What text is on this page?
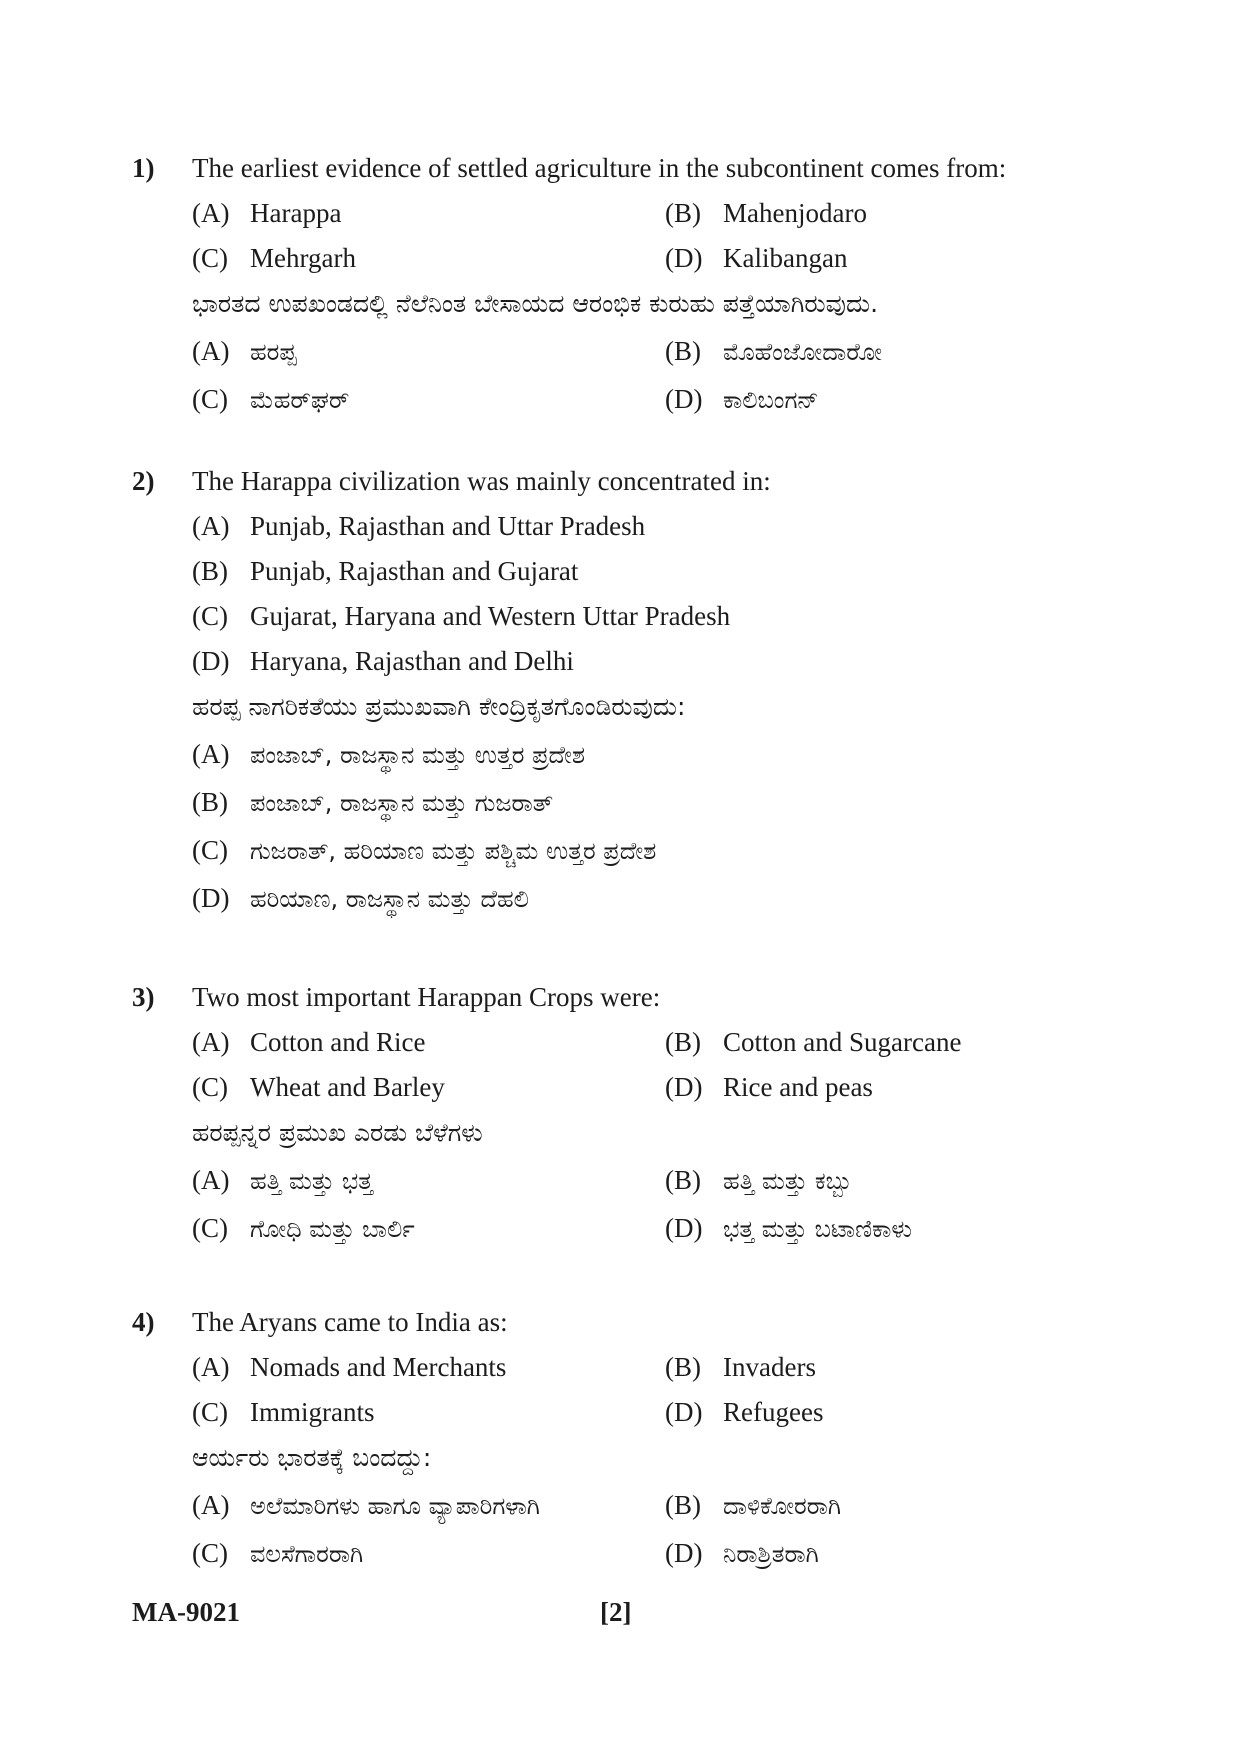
1) The earliest evidence of settled agriculture in the subcontinent comes from:
(A) Harappa	(B) Mahenjodaro
(C) Mehrgarh	(D) Kalibangan
ಭಾರತದ ಉಪಖಂಡದಲ್ಲಿ ನೆಲೆನಿಂತ ಬೇಸಾಯದ ಆರಂಭಿಕ ಕುರುಹು ಪತ್ತೆಯಾಗಿರುವುದು.
(A) ಹರಪ್ಪ	(B) ಮೊಹೆಂಜೋದಾರೋ
(C) ಮೆಹರ್‌ಘರ್	(D) ಕಾಲಿಬಂಗನ್
2) The Harappa civilization was mainly concentrated in:
(A) Punjab, Rajasthan and Uttar Pradesh
(B) Punjab, Rajasthan and Gujarat
(C) Gujarat, Haryana and Western Uttar Pradesh
(D) Haryana, Rajasthan and Delhi
ಹರಪ್ಪ ನಾಗರಿಕತೆಯು ಪ್ರಮುಖವಾಗಿ ಕೇಂದ್ರಿಕೃತಗೊಂಡಿರುವುದು:
(A) ಪಂಜಾಬ್, ರಾಜಸ್ಥಾನ ಮತ್ತು ಉತ್ತರ ಪ್ರದೇಶ
(B) ಪಂಜಾಬ್, ರಾಜಸ್ಥಾನ ಮತ್ತು ಗುಜರಾತ್
(C) ಗುಜರಾತ್, ಹರಿಯಾಣ ಮತ್ತು ಪಶ್ಚಿಮ ಉತ್ತರ ಪ್ರದೇಶ
(D) ಹರಿಯಾಣ, ರಾಜಸ್ಥಾನ ಮತ್ತು ದೆಹಲಿ
3) Two most important Harappan Crops were:
(A) Cotton and Rice	(B) Cotton and Sugarcane
(C) Wheat and Barley	(D) Rice and peas
ಹರಪ್ಪನ್ನರ ಪ್ರಮುಖ ಎರಡು ಬೆಳೆಗಳು
(A) ಹತ್ತಿ ಮತ್ತು ಭತ್ತ	(B) ಹತ್ತಿ ಮತ್ತು ಕಬ್ಬು
(C) ಗೋಧಿ ಮತ್ತು ಬಾರ್ಲಿ	(D) ಭತ್ತ ಮತ್ತು ಬಟಾಣಿಕಾಳು
4) The Aryans came to India as:
(A) Nomads and Merchants	(B) Invaders
(C) Immigrants	(D) Refugees
ಆರ್ಯರು ಭಾರತಕ್ಕೆ ಬಂದದ್ದು:
(A) ಅಲೆಮಾರಿಗಳು ಹಾಗೂ ವ್ಯಾಪಾರಿಗಳಾಗಿ	(B) ದಾಳಿಕೋರರಾಗಿ
(C) ವಲಸೆಗಾರರಾಗಿ	(D) ನಿರಾಶ್ರಿತರಾಗಿ
MA-9021	[2]
